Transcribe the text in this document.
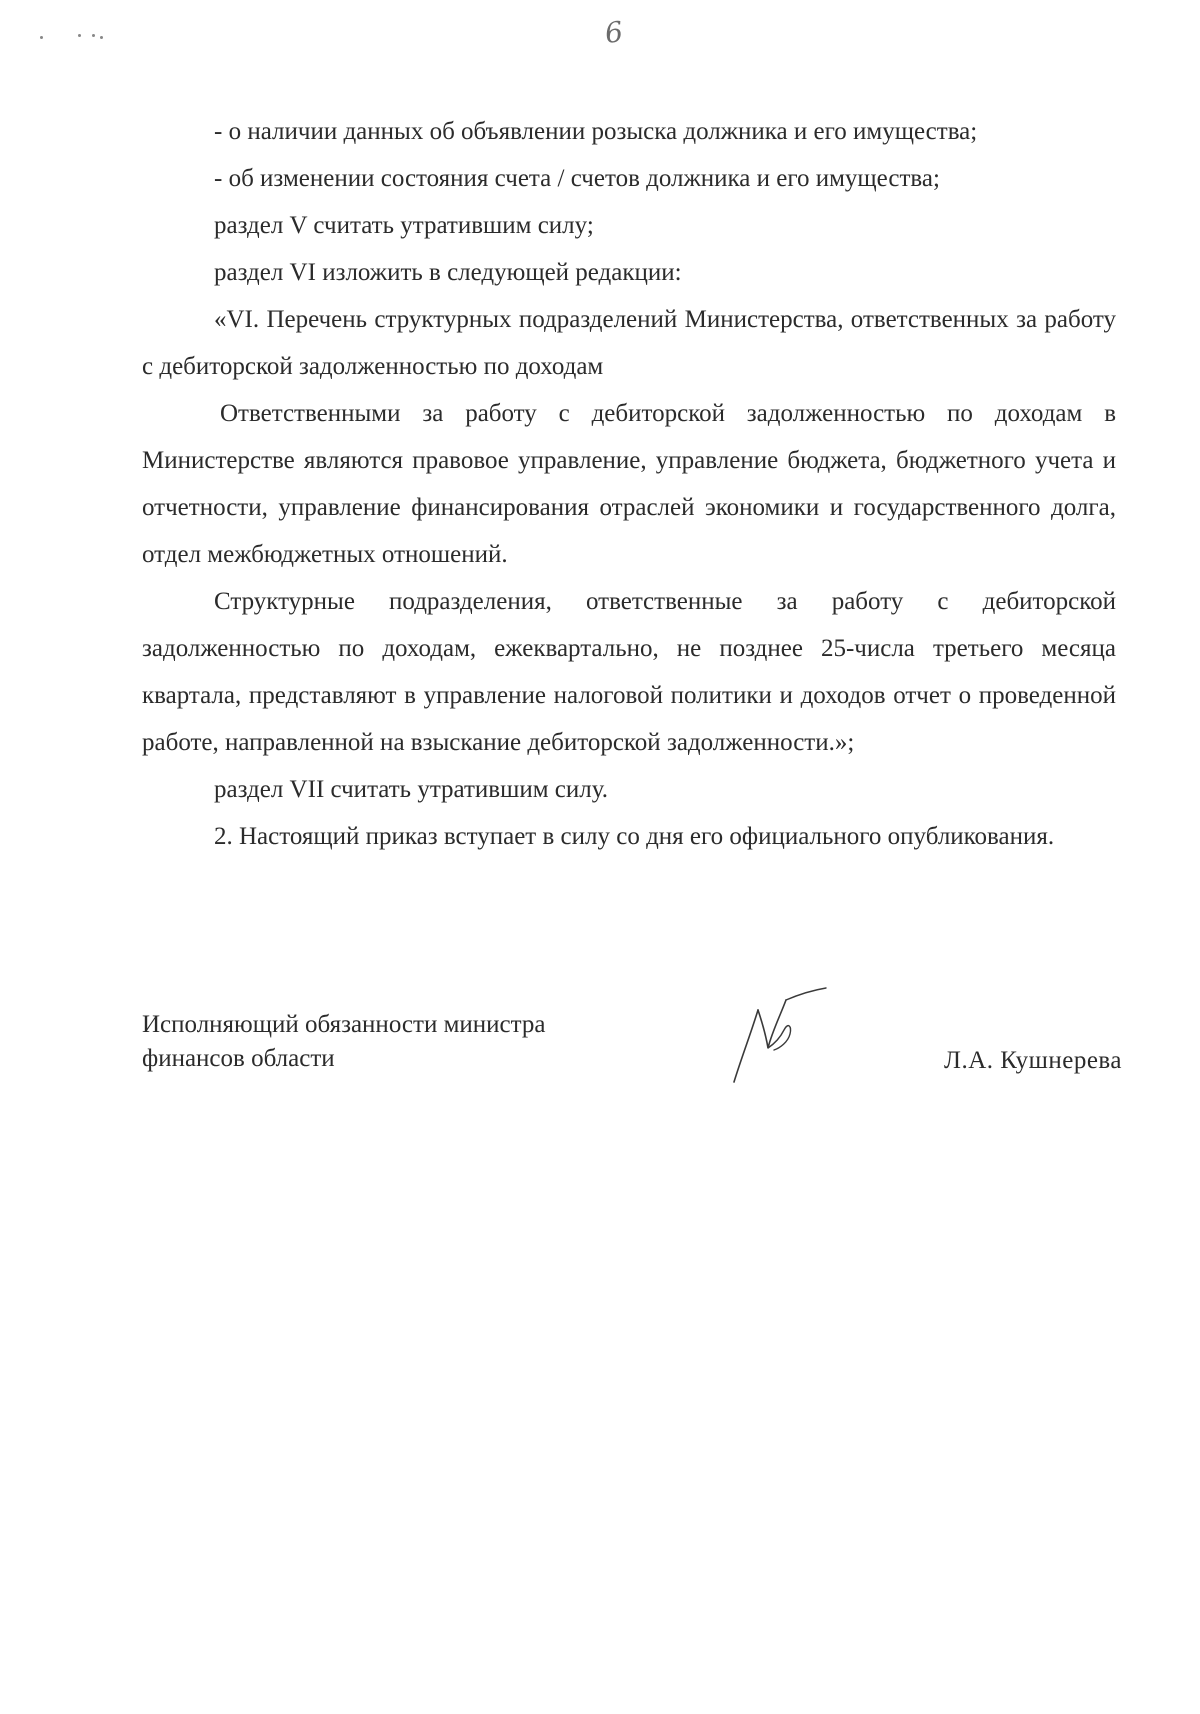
6
- о наличии данных об объявлении розыска должника и его имущества;
- об изменении состояния счета / счетов должника и его имущества;
раздел V считать утратившим силу;
раздел VI изложить в следующей редакции:

«VI. Перечень структурных подразделений Министерства, ответственных за работу с дебиторской задолженностью по доходам

Ответственными за работу с дебиторской задолженностью по доходам в Министерстве являются правовое управление, управление бюджета, бюджетного учета и отчетности, управление финансирования отраслей экономики и государственного долга, отдел межбюджетных отношений.

Структурные подразделения, ответственные за работу с дебиторской задолженностью по доходам, ежеквартально, не позднее 25-числа третьего месяца квартала, представляют в управление налоговой политики и доходов отчет о проведенной работе, направленной на взыскание дебиторской задолженности.»;

раздел VII считать утратившим силу.

2. Настоящий приказ вступает в силу со дня его официального опубликования.

Исполняющий обязанности министра
финансов области	Л.А. Кушнерева
